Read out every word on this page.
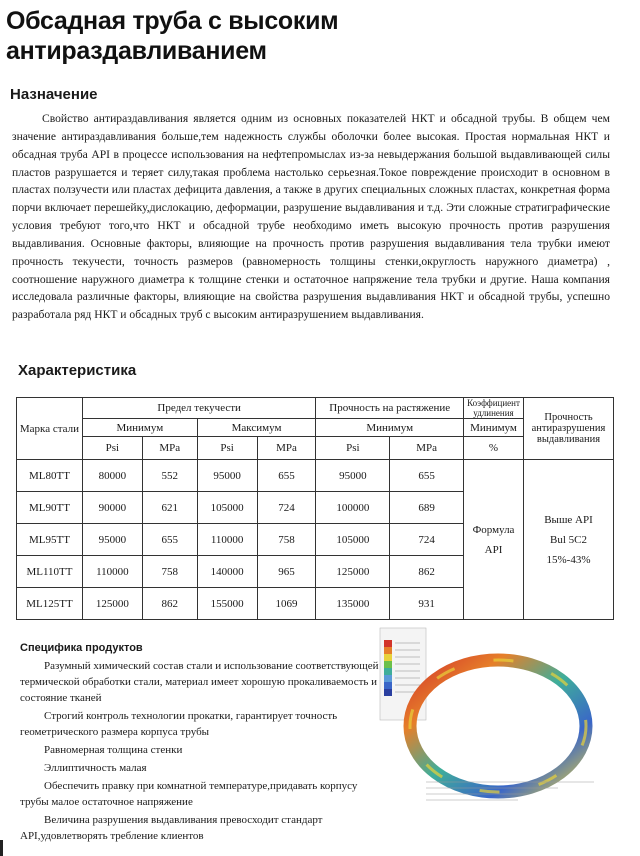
Обсадная труба с высоким
антираздавливанием
Назначение
Свойство антираздавливания является одним из основных показателей НКТ и обсадной трубы. В общем чем значение антираздавливания больше,тем надежность службы оболочки более высокая. Простая нормальная НКТ и обсадная труба API в процессе использования на нефтепромыслах из-за невыдержания большой выдавливающей силы пластов разрушается и теряет силу,такая проблема настолько серьезная.Токое повреждение происходит в основном в пластах ползучести или пластах дефицита давления, а также в других специальных сложных пластах, конкретная форма порчи включает перешейку,дислокацию, деформации, разрушение выдавливания и т.д. Эти сложные стратиграфические условия требуют того,что НКТ и обсадной трубе необходимо иметь высокую прочность против разрушения выдавливания. Основные факторы, влияющие на прочность против разрушения выдавливания тела трубки имеют прочность текучести, точность размеров (равномерность толщины стенки,округлость наружного диаметра) , соотношение наружного диаметра к толщине стенки и остаточное напряжение тела трубки и другие. Наша компания исследовала различные факторы, влияющие на свойства разрушения выдавливания НКТ и обсадной трубы, успешно разработала ряд НКТ и обсадных труб с высоким антиразрушением выдавливания.
Характеристика
Марка стали	Предел текучести				Прочность на растяжение		Коэффициент удлинения	Прочность антиразрушения выдавливания
	Минимум		Максимум		Минимум		Минимум	
	Psi	MPa	Psi	MPa	Psi	MPa	%	
ML80TT	80000	552	95000	655	95000	655	Формула API	Выше API Bul 5C2 15%-43%
ML90TT	90000	621	105000	724	100000	689		
ML95TT	95000	655	110000	758	105000	724		
ML110TT	110000	758	140000	965	125000	862		
ML125TT	125000	862	155000	1069	135000	931		
Специфика продуктов

Разумный химический состав стали и использование соответствующей термической обработки стали, материал имеет хорошую прокаливаемость и состояние тканей

Строгий контроль технологии прокатки, гарантирует точность геометрического размера корпуса трубы

Равномерная толщина стенки

Эллиптичность малая

Обеспечить правку при комнатной температуре,придавать корпусу трубы малое остаточное напряжение

Величина разрушения выдавливания превосходит стандарт API,удовлетворять требление клиентов
